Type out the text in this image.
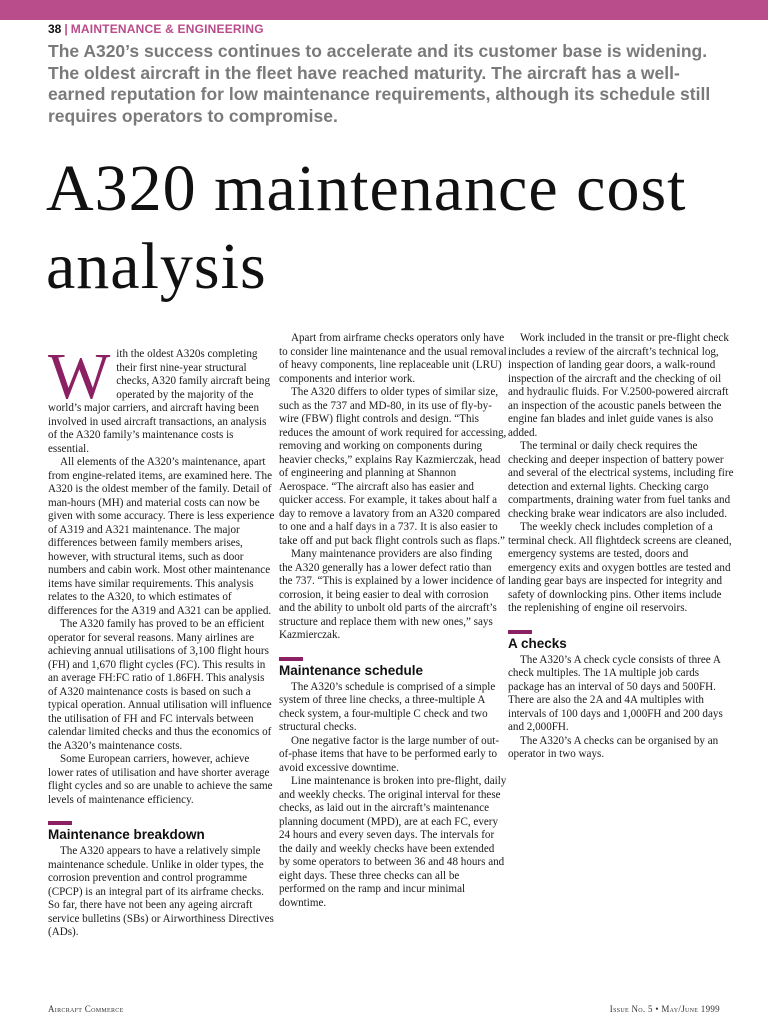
38 | MAINTENANCE & ENGINEERING
The A320’s success continues to accelerate and its customer base is widening. The oldest aircraft in the fleet have reached maturity. The aircraft has a well-earned reputation for low maintenance requirements, although its schedule still requires operators to compromise.
A320 maintenance cost analysis

With the oldest A320s completing their first nine-year structural checks, A320 family aircraft being operated by the majority of the world’s major carriers, and aircraft having been involved in used aircraft transactions, an analysis of the A320 family’s maintenance costs is essential.

All elements of the A320’s maintenance, apart from engine-related items, are examined here. The A320 is the oldest member of the family. Detail of man-hours (MH) and material costs can now be given with some accuracy. There is less experience of A319 and A321 maintenance. The major differences between family members arises, however, with structural items, such as door numbers and cabin work. Most other maintenance items have similar requirements. This analysis relates to the A320, to which estimates of differences for the A319 and A321 can be applied.

The A320 family has proved to be an efficient operator for several reasons. Many airlines are achieving annual utilisations of 3,100 flight hours (FH) and 1,670 flight cycles (FC). This results in an average FH:FC ratio of 1.86FH. This analysis of A320 maintenance costs is based on such a typical operation. Annual utilisation will influence the utilisation of FH and FC intervals between calendar limited checks and thus the economics of the A320’s maintenance costs.

Some European carriers, however, achieve lower rates of utilisation and have shorter average flight cycles and so are unable to achieve the same levels of maintenance efficiency.

Maintenance breakdown

The A320 appears to have a relatively simple maintenance schedule. Unlike in older types, the corrosion prevention and control programme (CPCP) is an integral part of its airframe checks. So far, there have not been any ageing aircraft service bulletins (SBs) or Airworthiness Directives (ADs).

Apart from airframe checks operators only have to consider line maintenance and the usual removal of heavy components, line replaceable unit (LRU) components and interior work.

The A320 differs to older types of similar size, such as the 737 and MD-80, in its use of fly-by-wire (FBW) flight controls and design. “This reduces the amount of work required for accessing, removing and working on components during heavier checks,” explains Ray Kazmierczak, head of engineering and planning at Shannon Aerospace. “The aircraft also has easier and quicker access. For example, it takes about half a day to remove a lavatory from an A320 compared to one and a half days in a 737. It is also easier to take off and put back flight controls such as flaps.”

Many maintenance providers are also finding the A320 generally has a lower defect ratio than the 737. “This is explained by a lower incidence of corrosion, it being easier to deal with corrosion and the ability to unbolt old parts of the aircraft’s structure and replace them with new ones,” says Kazmierczak.

Maintenance schedule

The A320’s schedule is comprised of a simple system of three line checks, a three-multiple A check system, a four-multiple C check and two structural checks.

One negative factor is the large number of out-of-phase items that have to be performed early to avoid excessive downtime.

Line maintenance is broken into pre-flight, daily and weekly checks. The original interval for these checks, as laid out in the aircraft’s maintenance planning document (MPD), are at each FC, every 24 hours and every seven days. The intervals for the daily and weekly checks have been extended by some operators to between 36 and 48 hours and eight days. These three checks can all be performed on the ramp and incur minimal downtime.

Work included in the transit or pre-flight check includes a review of the aircraft’s technical log, inspection of landing gear doors, a walk-round inspection of the aircraft and the checking of oil and hydraulic fluids. For V.2500-powered aircraft an inspection of the acoustic panels between the engine fan blades and inlet guide vanes is also added.

The terminal or daily check requires the checking and deeper inspection of battery power and several of the electrical systems, including fire detection and external lights. Checking cargo compartments, draining water from fuel tanks and checking brake wear indicators are also included.

The weekly check includes completion of a terminal check. All flightdeck screens are cleaned, emergency systems are tested, doors and emergency exits and oxygen bottles are tested and landing gear bays are inspected for integrity and safety of downlocking pins. Other items include the replenishing of engine oil reservoirs.

A checks

The A320’s A check cycle consists of three A check multiples. The 1A multiple job cards package has an interval of 50 days and 500FH. There are also the 2A and 4A multiples with intervals of 100 days and 1,000FH and 200 days and 2,000FH.

The A320’s A checks can be organised by an operator in two ways.

Aircraft Commerce	Issue No. 5 • May/June 1999
